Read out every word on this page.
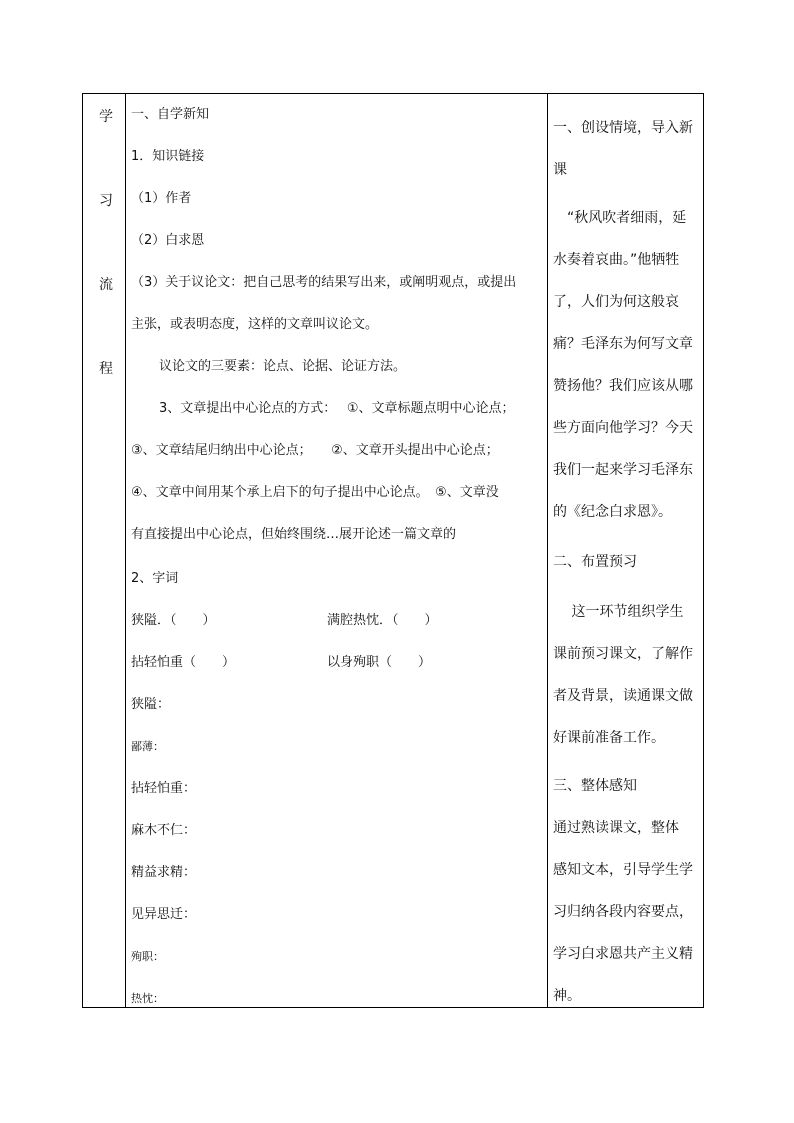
学
习
流
程
一、自学新知
1．知识链接
（1）作者
（2）白求恩
（3）关于议论文：把自己思考的结果写出来，或阐明观点，或提出
主张，或表明态度，这样的文章叫议论文。
议论文的三要素：论点、论据、论证方法。
3、文章提出中心论点的方式：　 ①、文章标题点明中心论点；
③、文章结尾归纳出中心论点；　　②、文章开头提出中心论点；
④、文章中间用某个承上启下的句子提出中心论点。　⑤、文章没
有直接提出中心论点，但始终围绕…展开论述一篇文章的
2、字词
狭隘．（　　）	满腔热忱．（　　）
拈轻怕重（　　）	以身殉职（　　）
狭隘：
鄙薄：
拈轻怕重：
麻木不仁：
精益求精：
见异思迁：
殉职：
热忱：
一、创设情境，导入新
课
　“秋风吹者细雨，延
水奏着哀曲。”他牺牲
了，人们为何这般哀
痛？毛泽东为何写文章
赞扬他？我们应该从哪
些方面向他学习？今天
我们一起来学习毛泽东
的《纪念白求恩》。
二、布置预习
　 这一环节组织学生
课前预习课文，了解作
者及背景，读通课文做
好课前准备工作。
三、整体感知
通过熟读课文，整体
感知文本，引导学生学
习归纳各段内容要点，
学习白求恩共产主义精
神。
